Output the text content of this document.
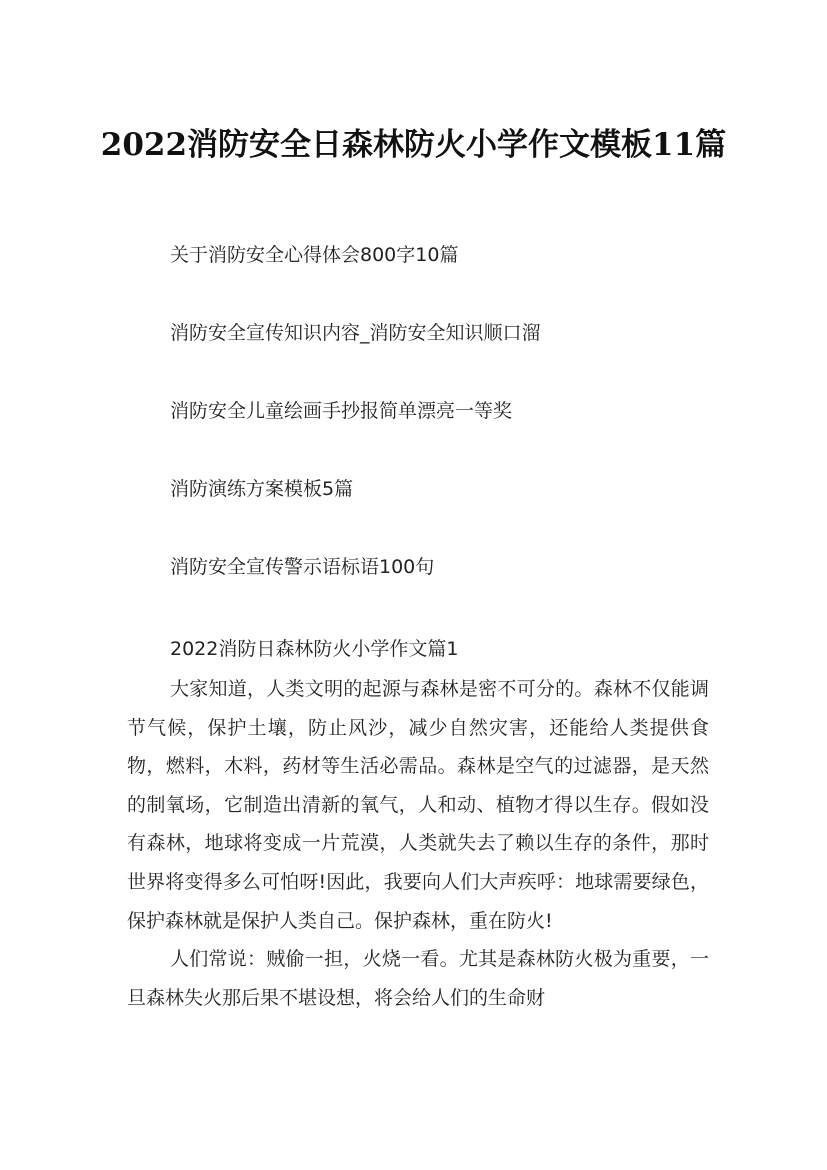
2022消防安全日森林防火小学作文模板11篇
关于消防安全心得体会800字10篇
消防安全宣传知识内容_消防安全知识顺口溜
消防安全儿童绘画手抄报简单漂亮一等奖
消防演练方案模板5篇
消防安全宣传警示语标语100句

2022消防日森林防火小学作文篇1

大家知道，人类文明的起源与森林是密不可分的。森林不仅能调节气候，保护土壤，防止风沙，减少自然灾害，还能给人类提供食物，燃料，木料，药材等生活必需品。森林是空气的过滤器，是天然的制氧场，它制造出清新的氧气，人和动、植物才得以生存。假如没有森林，地球将变成一片荒漠，人类就失去了赖以生存的条件，那时世界将变得多么可怕呀!因此，我要向人们大声疾呼：地球需要绿色，保护森林就是保护人类自己。保护森林，重在防火!

人们常说：贼偷一担，火烧一看。尤其是森林防火极为重要，一旦森林失火那后果不堪设想，将会给人们的生命财
